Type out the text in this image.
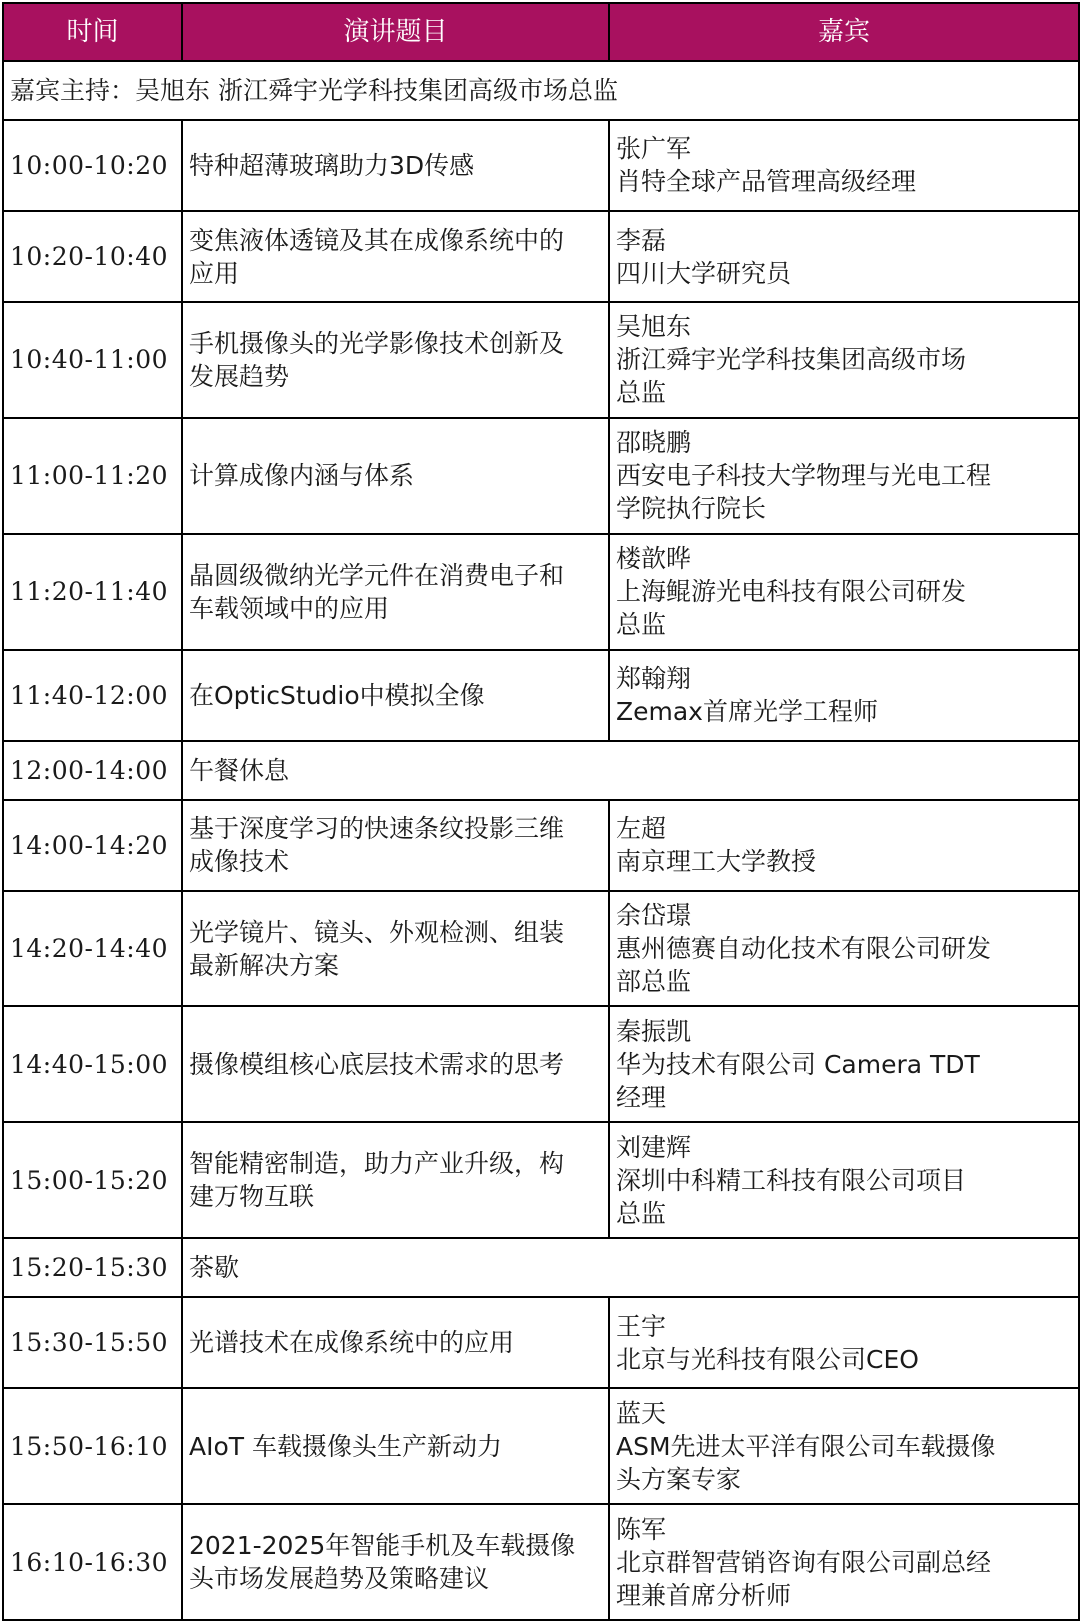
时间	演讲题目	嘉宾
嘉宾主持：吴旭东 浙江舜宇光学科技集团高级市场总监		
10:00-10:20	特种超薄玻璃助力3D传感	张广军
肖特全球产品管理高级经理

10:20-10:40	变焦液体透镜及其在成像系统中的
应用	李磊
四川大学研究员

10:40-11:00	手机摄像头的光学影像技术创新及
发展趋势	吴旭东
浙江舜宇光学科技集团高级市场
总监

11:00-11:20	计算成像内涵与体系	邵晓鹏
西安电子科技大学物理与光电工程
学院执行院长

11:20-11:40	晶圆级微纳光学元件在消费电子和
车载领域中的应用	楼歆晔
上海鲲游光电科技有限公司研发
总监

11:40-12:00	在OpticStudio中模拟全像	郑翰翔
Zemax首席光学工程师

12:00-14:00	午餐休息	
14:00-14:20	基于深度学习的快速条纹投影三维
成像技术	左超
南京理工大学教授

14:20-14:40	光学镜片、镜头、外观检测、组装
最新解决方案	余岱璟
惠州德赛自动化技术有限公司研发
部总监

14:40-15:00	摄像模组核心底层技术需求的思考	秦振凯
华为技术有限公司 Camera TDT
经理

15:00-15:20	智能精密制造，助力产业升级，构
建万物互联	刘建辉
深圳中科精工科技有限公司项目
总监

15:20-15:30	茶歇	
15:30-15:50	光谱技术在成像系统中的应用	王宇
北京与光科技有限公司CEO

15:50-16:10	AIoT 车载摄像头生产新动力	蓝天
ASM先进太平洋有限公司车载摄像
头方案专家

16:10-16:30	2021-2025年智能手机及车载摄像
头市场发展趋势及策略建议	陈军
北京群智营销咨询有限公司副总经
理兼首席分析师
